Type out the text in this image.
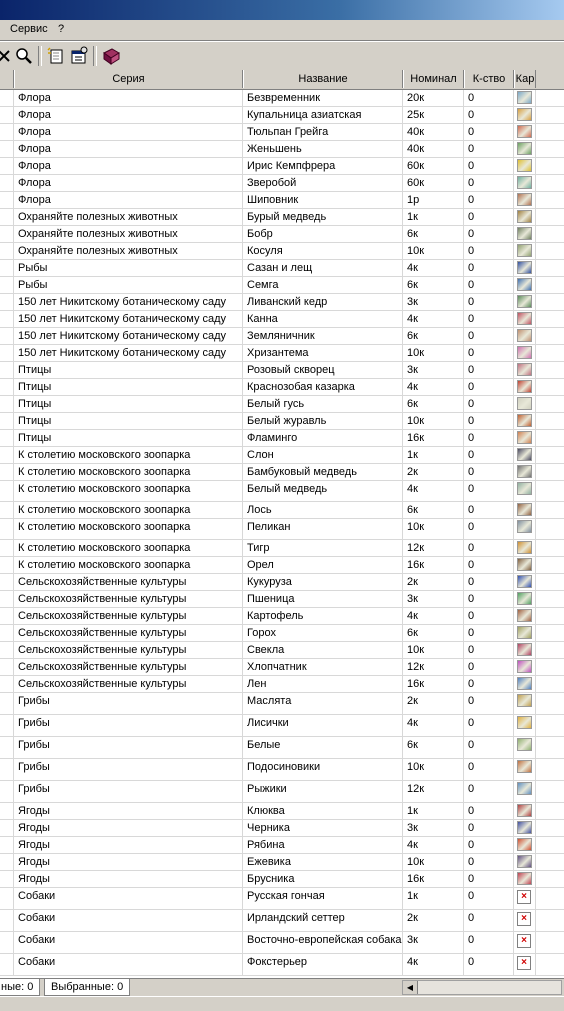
Сервис ?
Серия	Название	Номинал	К-ство Кар
Флора	Безвременник	20к	0
Флора	Купальница азиатская	25к	0
Флора	Тюльпан Грейга	40к	0
Флора	Женьшень	40к	0
Флора	Ирис Кемпфрера	60к	0
Флора	Зверобой	60к	0
Флора	Шиповник	1р	0
Охраняйте полезных животных	Бурый медведь	1к	0
Охраняйте полезных животных	Бобр	6к	0
Охраняйте полезных животных	Косуля	10к	0
Рыбы	Сазан и лещ	4к	0
Рыбы	Семга	6к	0
150 лет Никитскому ботаническому саду	Ливанский кедр	3к	0
150 лет Никитскому ботаническому саду	Канна	4к	0
150 лет Никитскому ботаническому саду	Земляничник	6к	0
150 лет Никитскому ботаническому саду	Хризантема	10к	0
Птицы	Розовый скворец	3к	0
Птицы	Краснозобая казарка	4к	0
Птицы	Белый гусь	6к	0
Птицы	Белый журавль	10к	0
Птицы	Фламинго	16к	0
К столетию московского зоопарка	Слон	1к	0
К столетию московского зоопарка	Бамбуковый медведь	2к	0
К столетию московского зоопарка	Белый медведь	4к	0
К столетию московского зоопарка	Лось	6к	0
К столетию московского зоопарка	Пеликан	10к	0
К столетию московского зоопарка	Тигр	12к	0
К столетию московского зоопарка	Орел	16к	0
Сельскохозяйственные культуры	Кукуруза	2к	0
Сельскохозяйственные культуры	Пшеница	3к	0
Сельскохозяйственные культуры	Картофель	4к	0
Сельскохозяйственные культуры	Горох	6к	0
Сельскохозяйственные культуры	Свекла	10к	0
Сельскохозяйственные культуры	Хлопчатник	12к	0
Сельскохозяйственные культуры	Лен	16к	0
Грибы	Маслята	2к	0
Грибы	Лисички	4к	0
Грибы	Белые	6к	0
Грибы	Подосиновики	10к	0
Грибы	Рыжики	12к	0
Ягоды	Клюква	1к	0
Ягоды	Черника	3к	0
Ягоды	Рябина	4к	0
Ягоды	Ежевика	10к	0
Ягоды	Брусника	16к	0
Собаки	Русская гончая	1к	0	×
Собаки	Ирландский сеттер	2к	0	×
Собаки	Восточно-европейская собака 3к	0	×
Собаки	Фокстерьер	4к	0	×
ные: 0	Выбранные: 0	◀
